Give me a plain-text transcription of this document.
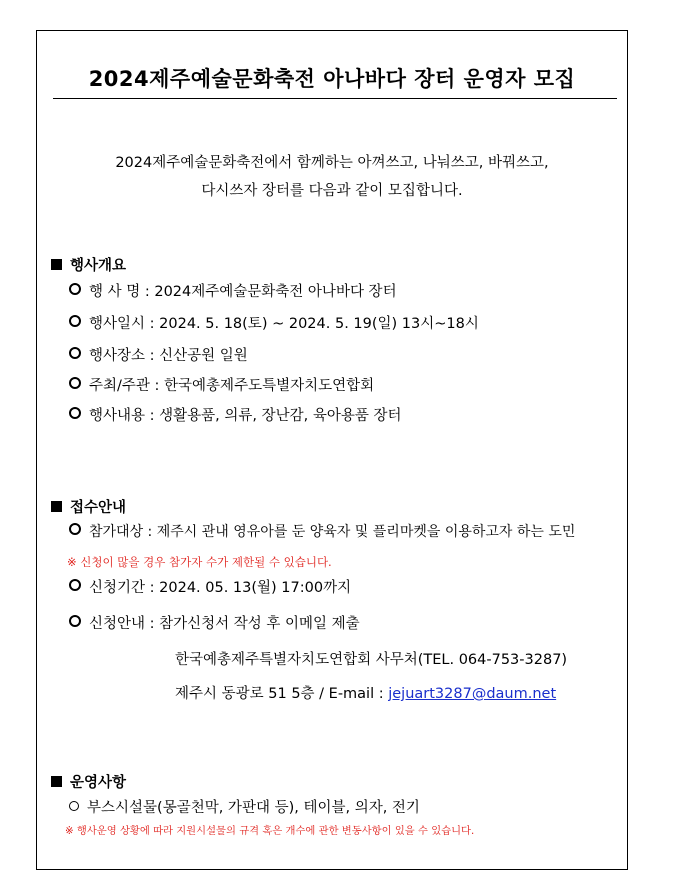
2024제주예술문화축전 아나바다 장터 운영자 모집
2024제주예술문화축전에서 함께하는 아껴쓰고, 나눠쓰고, 바꿔쓰고,
다시쓰자 장터를 다음과 같이 모집합니다.
행사개요
행 사 명 : 2024제주예술문화축전 아나바다 장터
행사일시 : 2024. 5. 18(토) ~ 2024. 5. 19(일) 13시~18시
행사장소 : 신산공원 일원
주최/주관 : 한국예총제주도특별자치도연합회
행사내용 : 생활용품, 의류, 장난감, 육아용품 장터
접수안내
참가대상 : 제주시 관내 영유아를 둔 양육자 및 플리마켓을 이용하고자 하는 도민
※ 신청이 많을 경우 참가자 수가 제한될 수 있습니다.
신청기간 : 2024. 05. 13(월) 17:00까지
신청안내 : 참가신청서 작성 후 이메일 제출
한국예총제주특별자치도연합회 사무처(TEL. 064-753-3287)
제주시 동광로 51 5층 / E-mail : jejuart3287@daum.net
운영사항
부스시설물(몽골천막, 가판대 등), 테이블, 의자, 전기
※ 행사운영 상황에 따라 지원시설물의 규격 혹은 개수에 관한 변동사항이 있을 수 있습니다.
